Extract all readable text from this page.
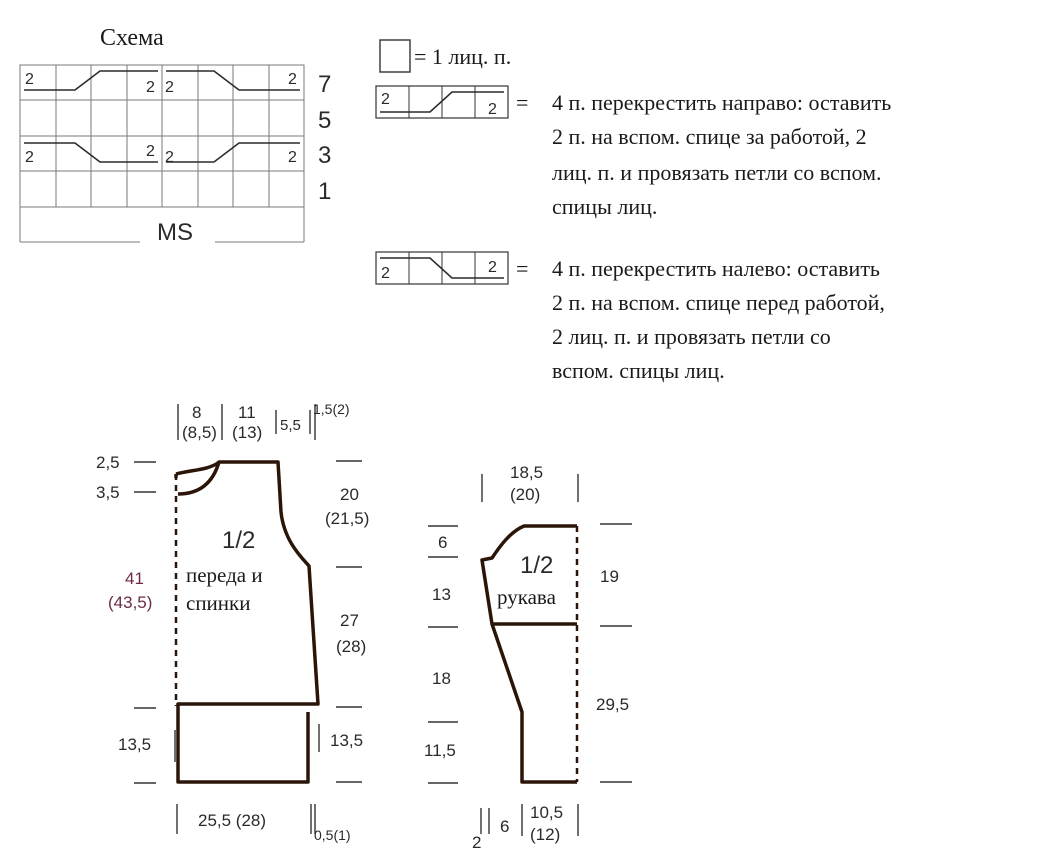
Схема
2	2 2	2
2	2 2	2
7
5
3
1
MS
= 1 лиц. п.
2
2 = 4 п. перекрестить направо: оставить
2 п. на вспом. спице за работой, 2
лиц. п. и провязать петли со вспом.
спицы лиц.
2	2 = 4 п. перекрестить налево: оставить
2 п. на вспом. спице перед работой,
2 лиц. п. и провязать петли со
вспом. спицы лиц.
8
(8,5)
11
(13) 5,5
1,5(2)
2,5
3,5
41
(43,5)
13,5
20
(21,5)
27
(28)
13,5
1/2
переда и
спинки
25,5 (28)
0,5(1)
18,5
(20)
6
13
18
11,5
19
29,5
1/2
рукава
2
6
10,5
(12)
